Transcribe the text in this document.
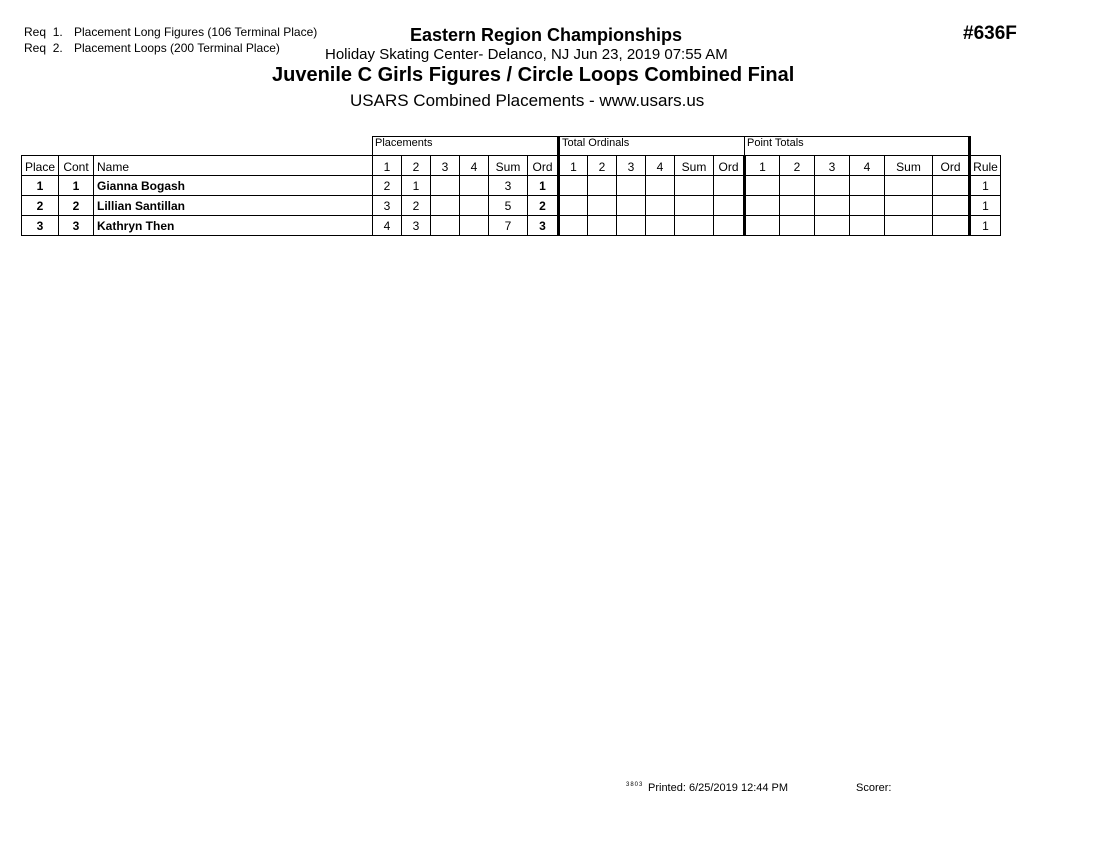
Req 1. Placement Long Figures (106 Terminal Place)
Req 2. Placement Loops (200 Terminal Place)
Eastern Region Championships	#636F
Holiday Skating Center- Delanco, NJ Jun 23, 2019 07:55 AM
Juvenile C Girls Figures / Circle Loops Combined Final
USARS Combined Placements - www.usars.us
			Placements						Total Ordinals						Point Totals						
Place	Cont	Name	1	2	3	4	Sum	Ord	1	2	3	4	Sum	Ord	1	2	3	4	Sum	Ord	Rule
1	1	Gianna Bogash	2	1			3	1													1
2	2	Lillian Santillan	3	2			5	2													1
3	3	Kathryn Then	4	3			7	3													1
3803 Printed: 6/25/2019 12:44 PM	Scorer:
